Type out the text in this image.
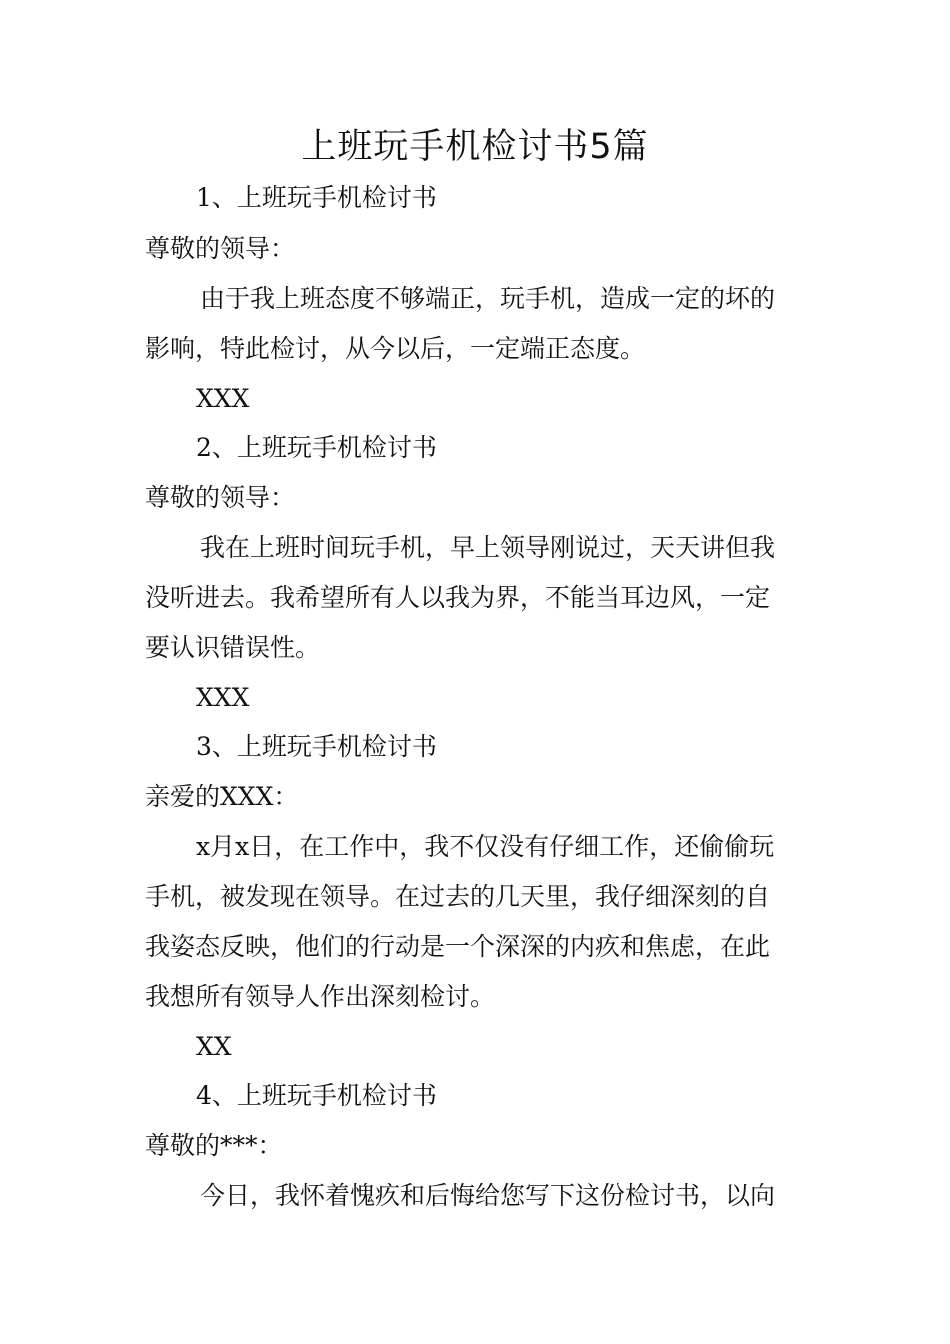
上班玩手机检讨书5篇
1、上班玩手机检讨书
尊敬的领导：
由于我上班态度不够端正，玩手机，造成一定的坏的
影响，特此检讨，从今以后，一定端正态度。
XXX
2、上班玩手机检讨书
尊敬的领导：
我在上班时间玩手机，早上领导刚说过，天天讲但我
没听进去。我希望所有人以我为界，不能当耳边风，一定
要认识错误性。
XXX
3、上班玩手机检讨书
亲爱的XXX：
x月x日，在工作中，我不仅没有仔细工作，还偷偷玩
手机，被发现在领导。在过去的几天里，我仔细深刻的自
我姿态反映，他们的行动是一个深深的内疚和焦虑，在此
我想所有领导人作出深刻检讨。
XX
4、上班玩手机检讨书
尊敬的***：
今日，我怀着愧疚和后悔给您写下这份检讨书，以向
